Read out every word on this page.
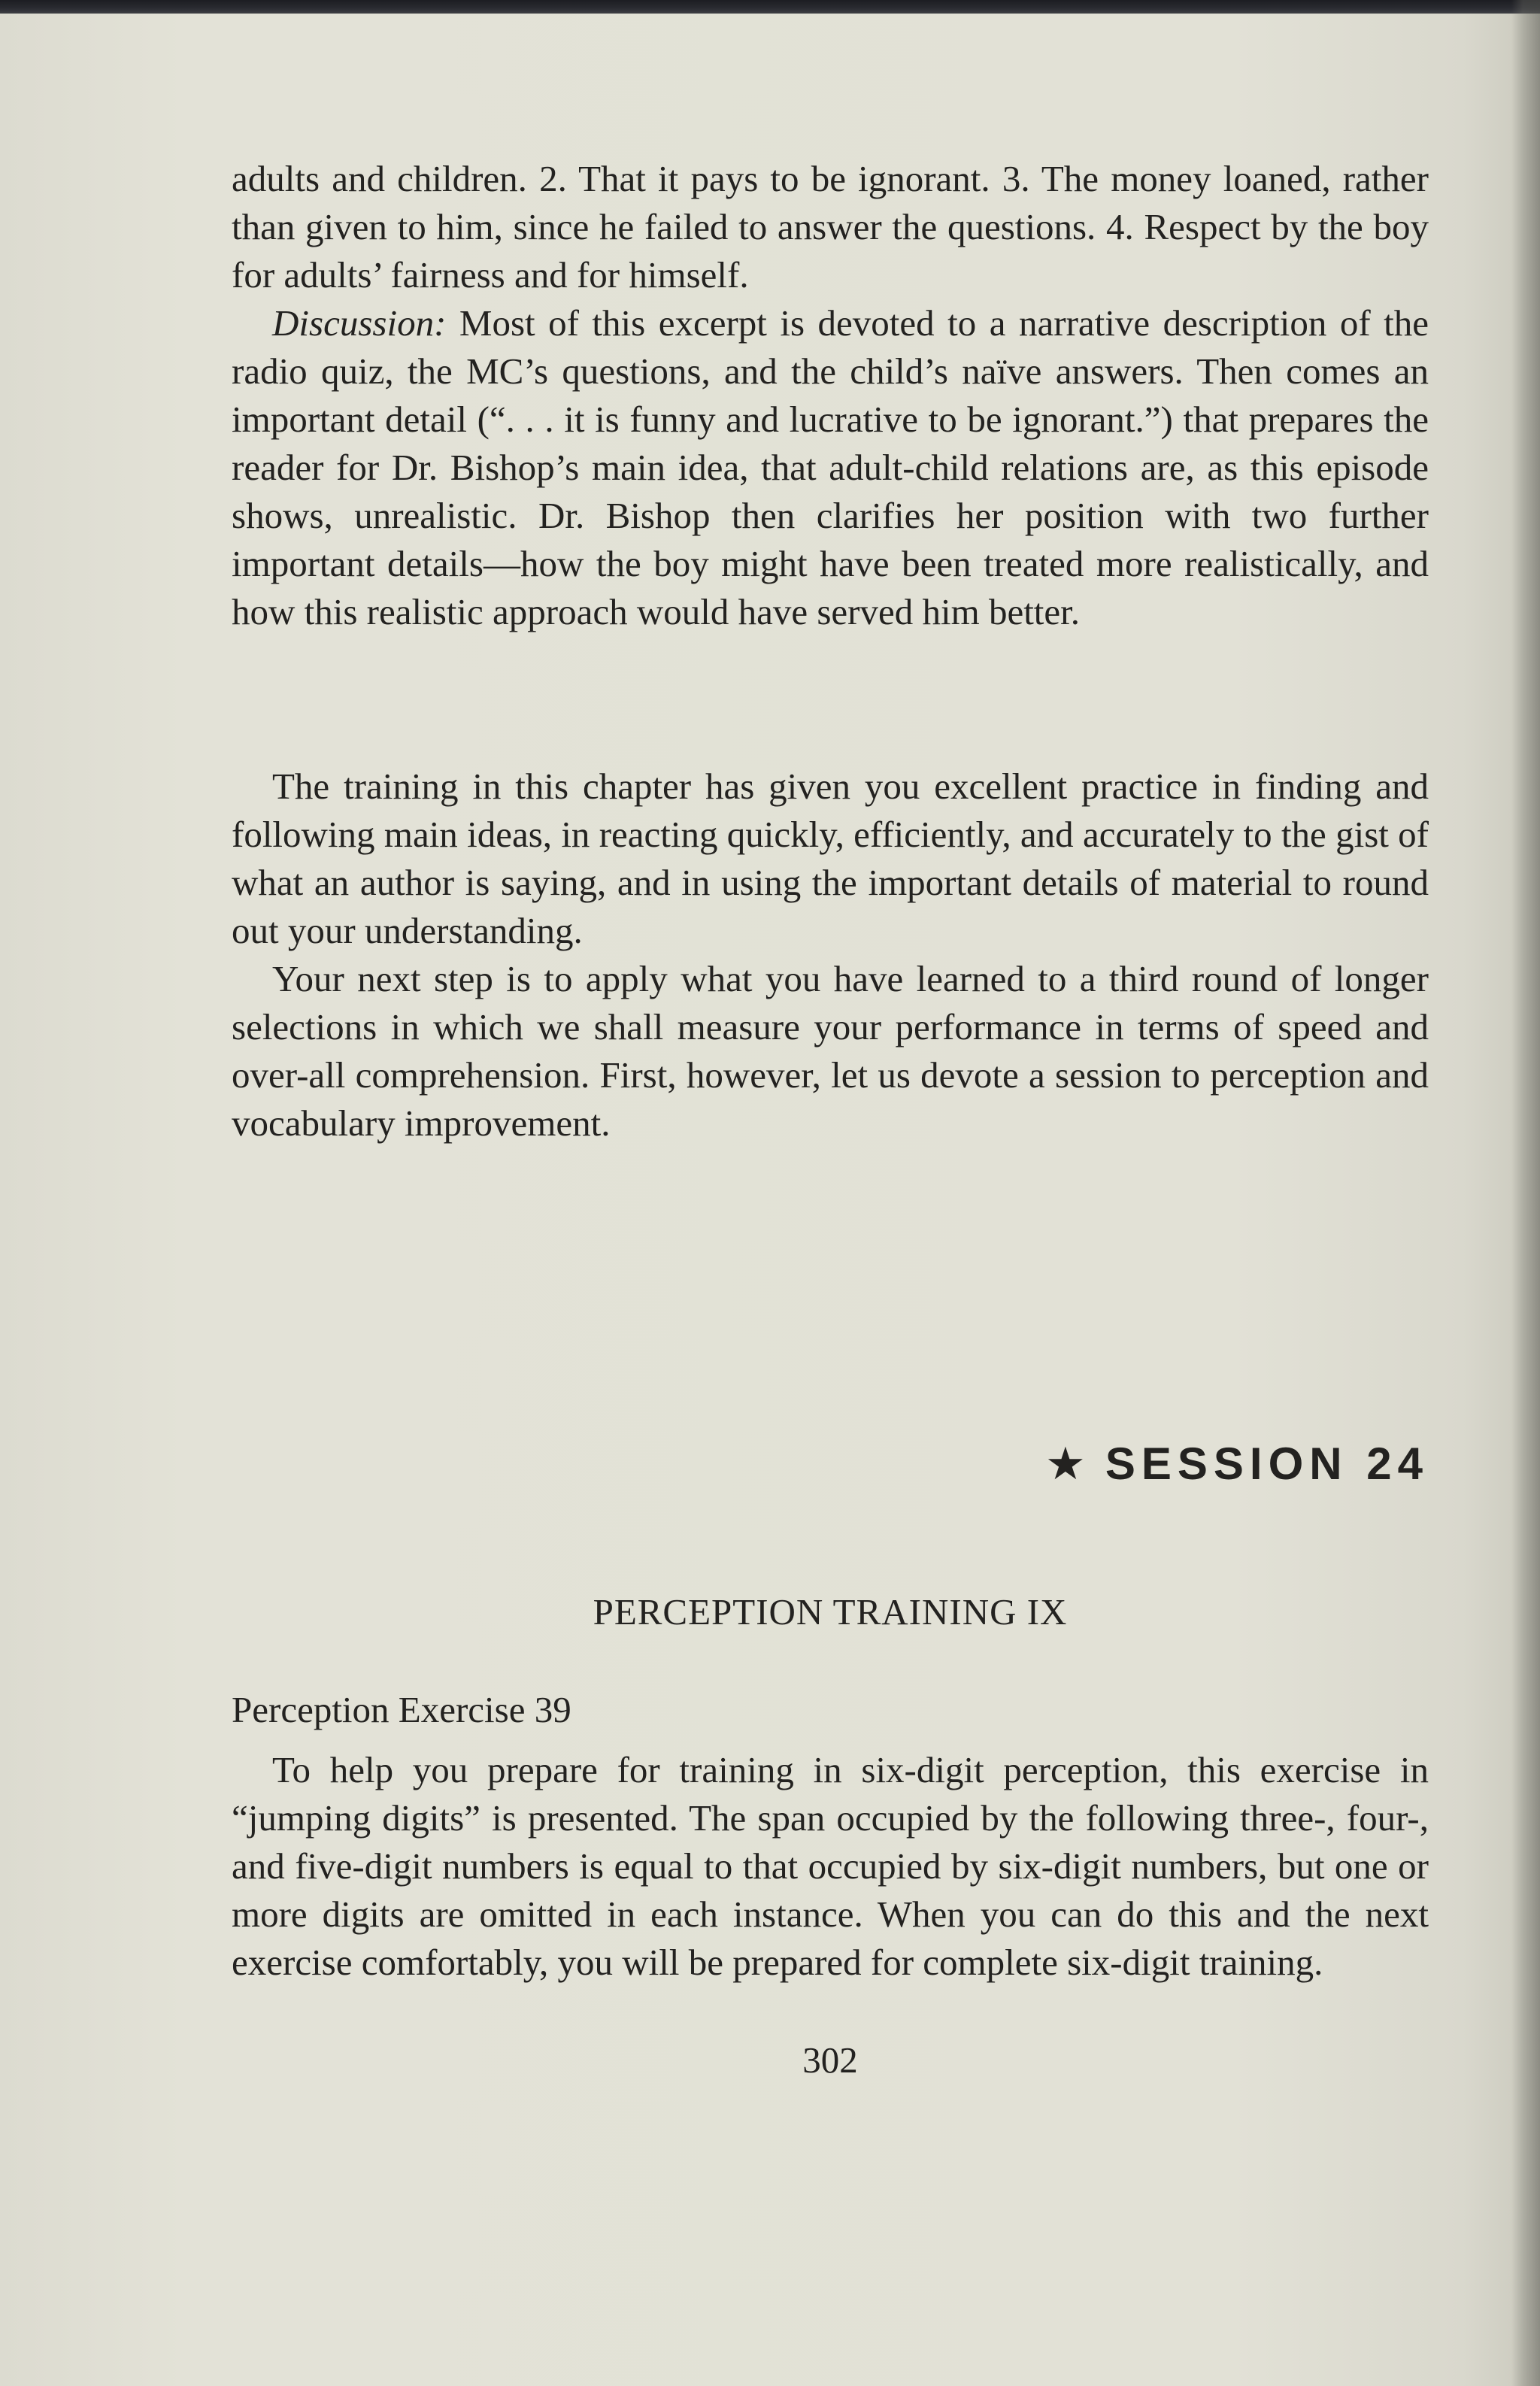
adults and children. 2. That it pays to be ignorant. 3. The money loaned, rather than given to him, since he failed to answer the questions. 4. Respect by the boy for adults’ fairness and for himself.

Discussion: Most of this excerpt is devoted to a narrative description of the radio quiz, the MC’s questions, and the child’s naïve answers. Then comes an important detail (“. . . it is funny and lucrative to be ignorant.”) that prepares the reader for Dr. Bishop’s main idea, that adult-child relations are, as this episode shows, unrealistic. Dr. Bishop then clarifies her position with two further important details—how the boy might have been treated more realistically, and how this realistic approach would have served him better.

The training in this chapter has given you excellent practice in finding and following main ideas, in reacting quickly, efficiently, and accurately to the gist of what an author is saying, and in using the important details of material to round out your understanding.

Your next step is to apply what you have learned to a third round of longer selections in which we shall measure your performance in terms of speed and over-all comprehension. First, however, let us devote a session to perception and vocabulary improvement.

★ SESSION 24
PERCEPTION TRAINING IX
Perception Exercise 39

To help you prepare for training in six-digit perception, this exercise in “jumping digits” is presented. The span occupied by the following three-, four-, and five-digit numbers is equal to that occupied by six-digit numbers, but one or more digits are omitted in each instance. When you can do this and the next exercise comfortably, you will be prepared for complete six-digit training.

302
